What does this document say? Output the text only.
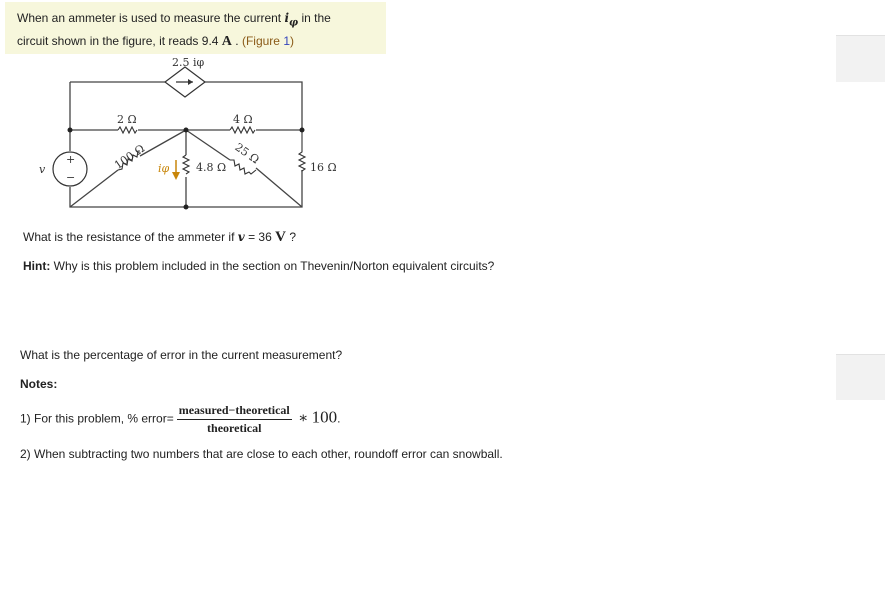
When an ammeter is used to measure the current $i_\varphi$ in the
circuit shown in the figure, it reads 9.4 A . (Figure 1)
+
−
2.5 iφ
2 Ω	4 Ω
100 Ω	25 Ω
4.8 Ω	16 Ω
v	iφ
What is the resistance of the ammeter if v = 36 V ?
Hint: Why is this problem included in the section on Thevenin/Norton equivalent circuits?
What is the percentage of error in the current measurement?
Notes:
1) For this problem, % error= $\frac{\text{measured−theoretical}}{\text{theoretical}}$ ∗ 100.
2) When subtracting two numbers that are close to each other, roundoff error can snowball.
